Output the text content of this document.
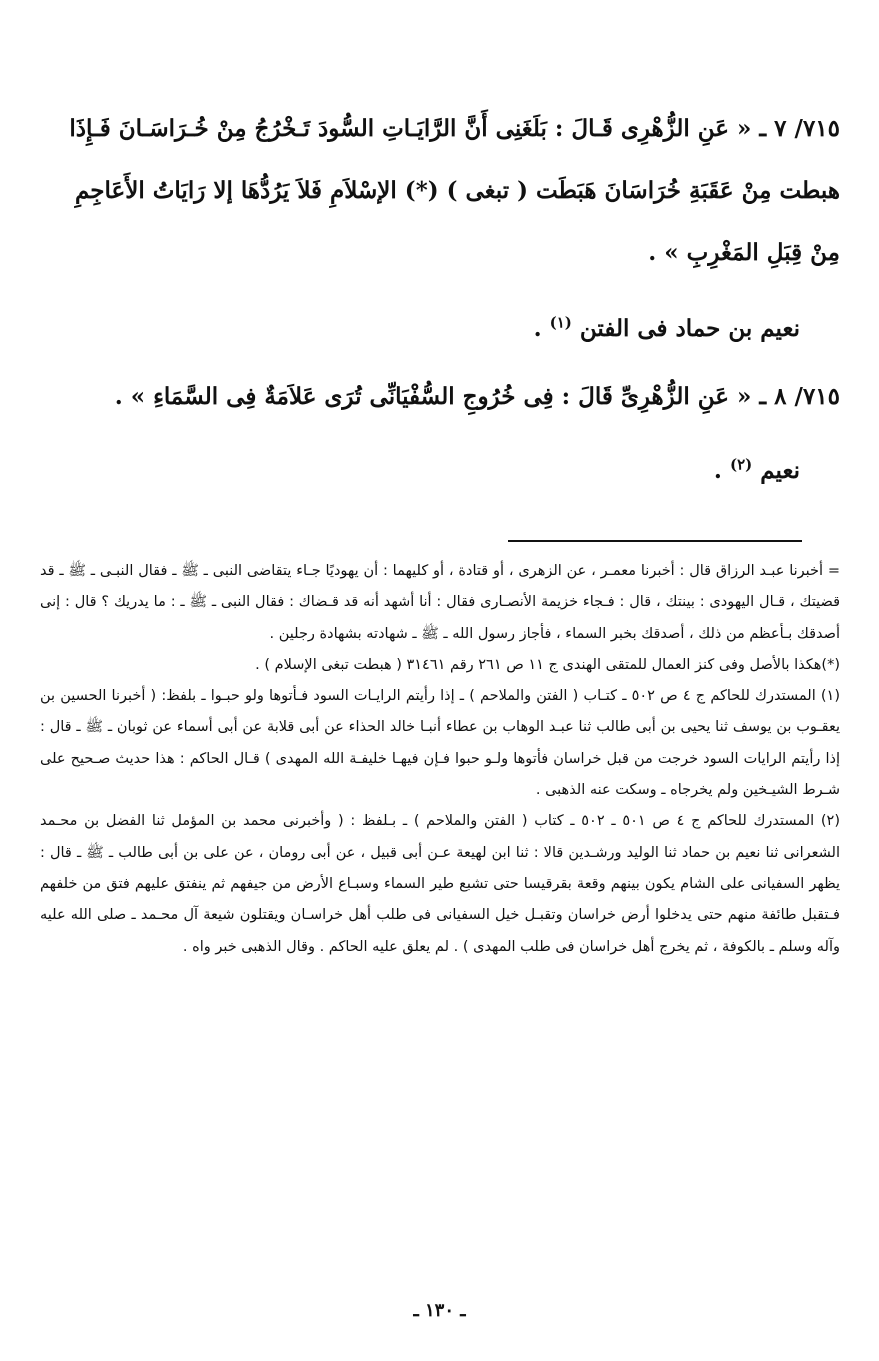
٧١٥/ ٧ ـ « عَنِ الزُّهْرِى قَـالَ : بَلَغَنِى أَنَّ الرَّايَـاتِ السُّودَ تَـخْرُجُ مِنْ خُـرَاسَـانَ فَـإِذَا هبطت مِنْ عَقَبَةِ خُرَاسَانَ هَبَطَت ( تبغى ) (*) الإسْلاَمِ فَلاَ يَرُدُّهَا إلا رَايَاتُ الأَعَاجِمِ مِنْ قِبَلِ المَغْرِبِ » .
نعيم بن حماد فى الفتن $^{(١)}$ .
٧١٥/ ٨ ـ « عَنِ الزُّهْرِىِّ قَالَ : فِى خُرُوجِ السُّفْيَانِّى تُرَى عَلاَمَةٌ فِى السَّمَاءِ » .
نعيم $^{(٢)}$ .

= أخبرنا عبـد الرزاق قال : أخبرنا معمـر ، عن الزهرى ، أو قتادة ، أو كليهما : أن يهوديًا جـاء يتقاضى النبى ـ ﷺ ـ فقال النبـى ـ ﷺ ـ قد قضيتك ، قـال اليهودى : بينتك ، قال : فـجاء خزيمة الأنصـارى فقال : أنا أشهد أنه قد قـضاك : فقال النبى ـ ﷺ ـ : ما يدريك ؟ قال : إنى أصدقك بـأعظم من ذلك ، أصدقك بخبر السماء ، فأجاز رسول الله ـ ﷺ ـ شهادته بشهادة رجلين .

(*)هكذا بالأصل وفى كنز العمال للمتقى الهندى ج ١١ ص ٢٦١ رقم ٣١٤٦١ ( هبطت تبغى الإسلام ) .

(١) المستدرك للحاكم ج ٤ ص ٥٠٢ ـ كتـاب ( الفتن والملاحم ) ـ إذا رأيتم الرايـات السود فـأتوها ولو حبـوا ـ بلفظ: ( أخبرنا الحسين بن يعقـوب بن يوسف ثنا يحيى بن أبى طالب ثنا عبـد الوهاب بن عطاء أنبـا خالد الحذاء عن أبى قلابة عن أبى أسماء عن ثوبان ـ ﷺ ـ قال : إذا رأيتم الرايات السود خرجت من قبل خراسان فأتوها ولـو حبوا فـإن فيهـا خليفـة الله المهدى ) قـال الحاكم : هذا حديث صـحيح على شـرط الشيـخين ولم يخرجاه ـ وسكت عنه الذهبى .

(٢) المستدرك للحاكم ج ٤ ص ٥٠١ ـ ٥٠٢ ـ كتاب ( الفتن والملاحم ) ـ بـلفظ : ( وأخبرنى محمد بن المؤمل ثنا الفضل بن محـمد الشعرانى ثنا نعيم بن حماد ثنا الوليد ورشـدين قالا : ثنا ابن لهيعة عـن أبى قبيل ، عن أبى رومان ، عن على بن أبى طالب ـ ﷺ ـ قال : يظهر السفيانى على الشام يكون بينهم وقعة بقرقيسا حتى تشبع طير السماء وسبـاع الأرض من جيفهم ثم ينفتق عليهم فتق من خلفهم فـتقبل طائفة منهم حتى يدخلوا أرض خراسان وتقبـل خيل السفيانى فى طلب أهل خراسـان ويقتلون شيعة آل محـمد ـ صلى الله عليه وآله وسلم ـ بالكوفة ، ثم يخرج أهل خراسان فى طلب المهدى ) . لم يعلق عليه الحاكم . وقال الذهبى خبر واه .

ـ ١٣٠ ـ
